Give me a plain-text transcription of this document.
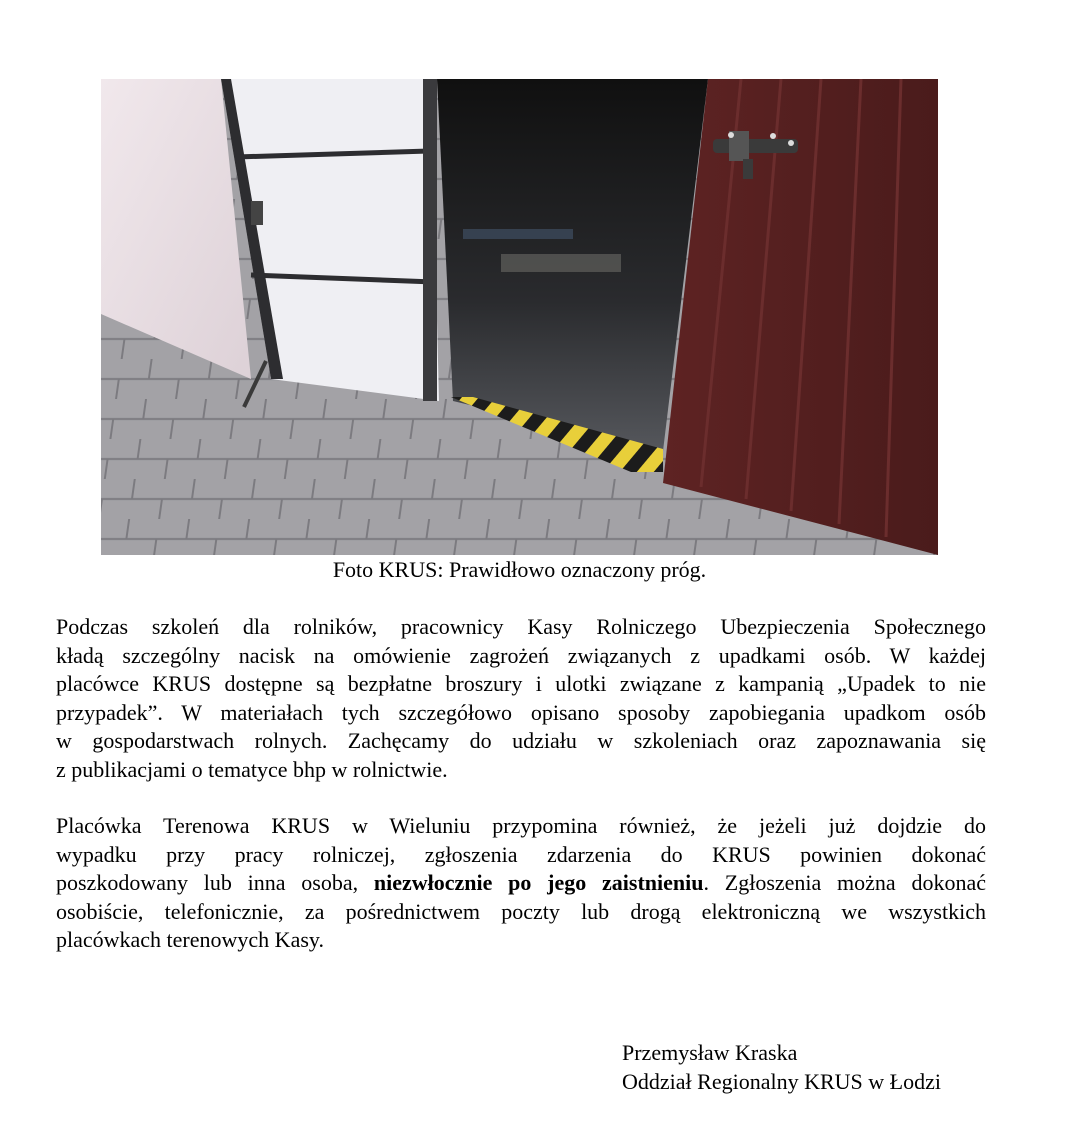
Foto KRUS: Prawidłowo oznaczony próg.
Podczas szkoleń dla rolników, pracownicy Kasy Rolniczego Ubezpieczenia Społecznego
kładą szczególny nacisk na omówienie zagrożeń związanych z upadkami osób. W każdej
placówce KRUS dostępne są bezpłatne broszury i ulotki związane z kampanią „Upadek to nie
przypadek”. W materiałach tych szczegółowo opisano sposoby zapobiegania upadkom osób
w gospodarstwach rolnych. Zachęcamy do udziału w szkoleniach oraz zapoznawania się
z publikacjami o tematyce bhp w rolnictwie.
Placówka Terenowa KRUS w Wieluniu przypomina również, że jeżeli już dojdzie do
wypadku przy pracy rolniczej, zgłoszenia zdarzenia do KRUS powinien dokonać
poszkodowany lub inna osoba, niezwłocznie po jego zaistnieniu. Zgłoszenia można dokonać
osobiście, telefonicznie, za pośrednictwem poczty lub drogą elektroniczną we wszystkich
placówkach terenowych Kasy.
Przemysław Kraska
Oddział Regionalny KRUS w Łodzi
